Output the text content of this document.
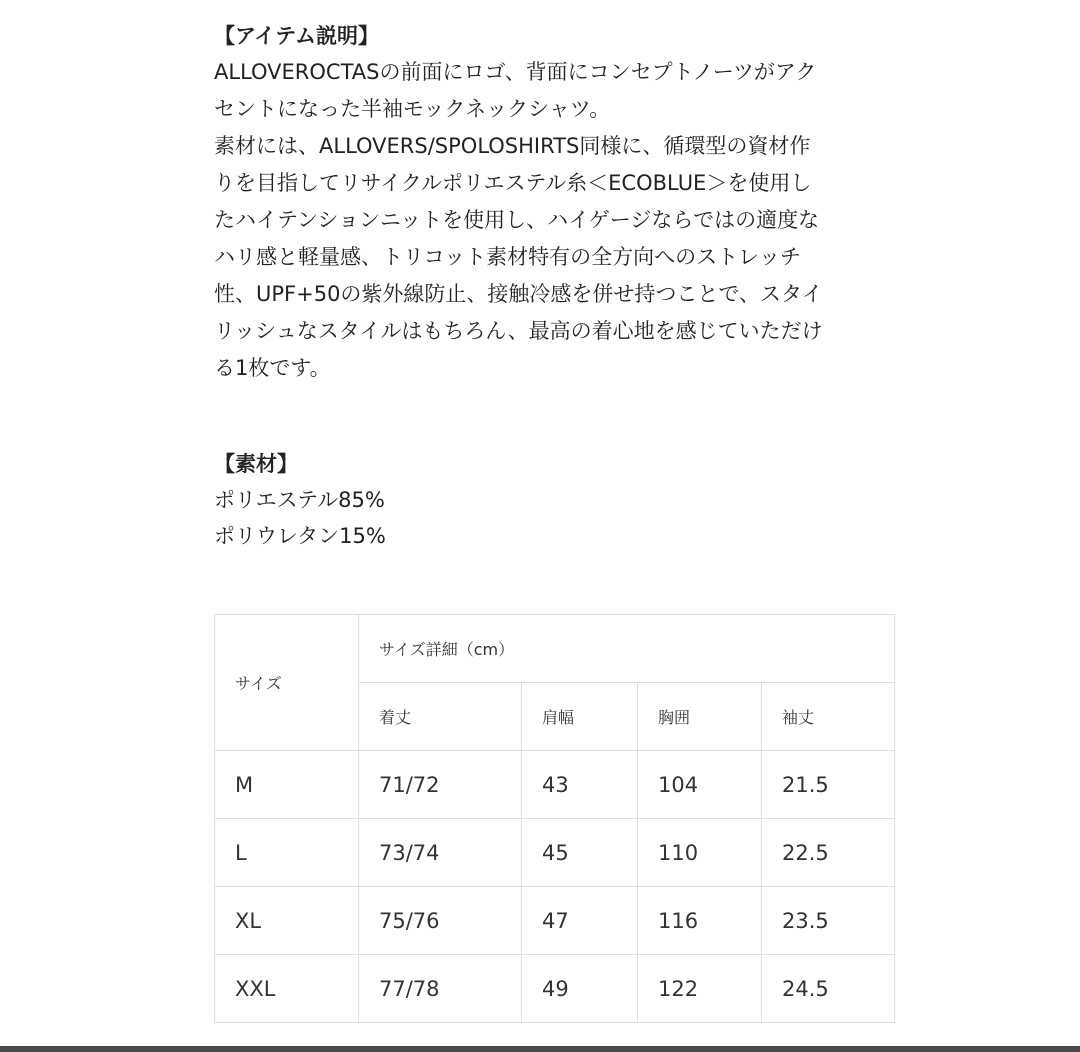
【アイテム説明】

ALLOVEROCTASの前面にロゴ、背面にコンセプトノーツがアク
セントになった半袖モックネックシャツ。
素材には、ALLOVERS/SPOLOSHIRTS同様に、循環型の資材作
りを目指してリサイクルポリエステル糸＜ECOBLUE＞を使用し
たハイテンションニットを使用し、ハイゲージならではの適度な
ハリ感と軽量感、トリコット素材特有の全方向へのストレッチ
性、UPF+50の紫外線防止、接触冷感を併せ持つことで、スタイ
リッシュなスタイルはもちろん、最高の着心地を感じていただけ
る1枚です。

【素材】
ポリエステル85%
ポリウレタン15%
サイズ	サイズ詳細（cm）			
	着丈	肩幅	胸囲	袖丈
M	71/72	43	104	21.5
L	73/74	45	110	22.5
XL	75/76	47	116	23.5
XXL	77/78	49	122	24.5
